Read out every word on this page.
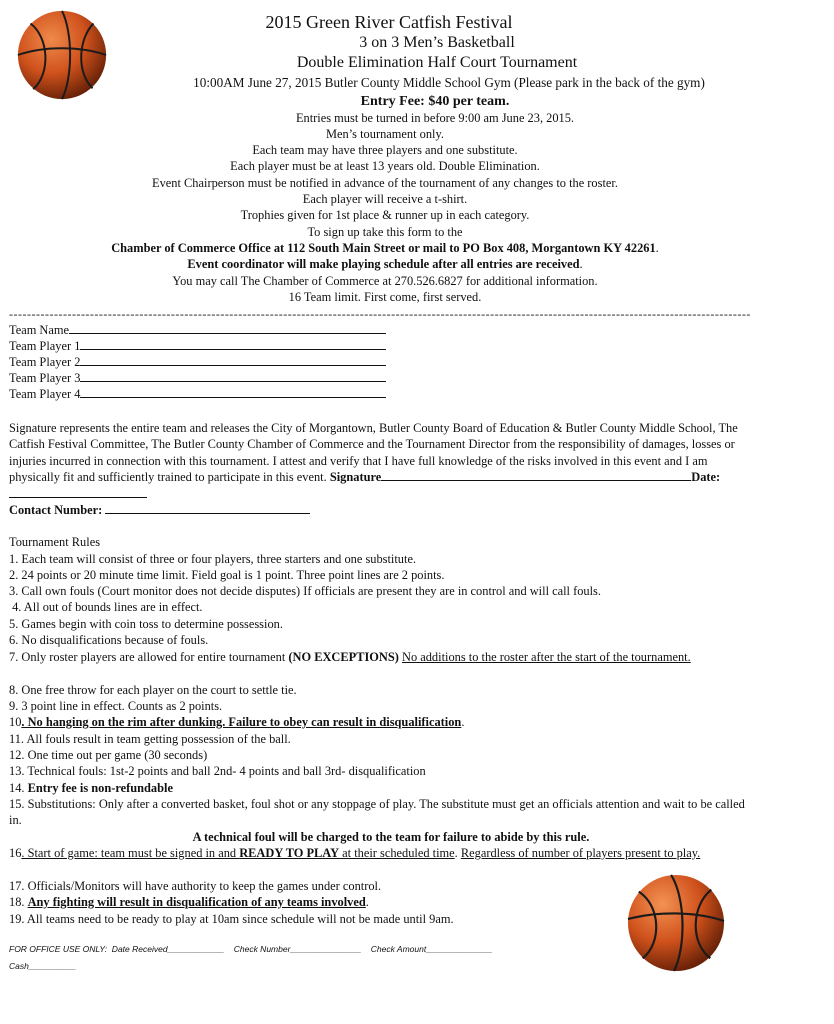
2015 Green River Catfish Festival
3 on 3 Men’s Basketball
Double Elimination Half Court Tournament
10:00AM June 27, 2015 Butler County Middle School Gym (Please park in the back of the gym)
Entry Fee: $40 per team.
Entries must be turned in before 9:00 am June 23, 2015.
Men’s tournament only.
Each team may have three players and one substitute.
Each player must be at least 13 years old. Double Elimination.
Event Chairperson must be notified in advance of the tournament of any changes to the roster.
Each player will receive a t-shirt.
Trophies given for 1st place & runner up in each category.
To sign up take this form to the
Chamber of Commerce Office at 112 South Main Street or mail to PO Box 408, Morgantown KY 42261.
Event coordinator will make playing schedule after all entries are received.
You may call The Chamber of Commerce at 270.526.6827 for additional information.
16 Team limit. First come, first served.
---------------------------------------------------------------------------------------------------------------------------------------------------------------------
Team Name
Team Player 1
Team Player 2
Team Player 3
Team Player 4
Signature represents the entire team and releases the City of Morgantown, Butler County Board of Education & Butler County Middle School, The Catfish Festival Committee, The Butler County Chamber of Commerce and the Tournament Director from the responsibility of damages, losses or injuries incurred in connection with this tournament. I attest and verify that I have full knowledge of the risks involved in this event and I am physically fit and sufficiently trained to participate in this event. Signature	Date:
Contact Number:
Tournament Rules
1. Each team will consist of three or four players, three starters and one substitute.
2. 24 points or 20 minute time limit. Field goal is 1 point. Three point lines are 2 points.
3. Call own fouls (Court monitor does not decide disputes) If officials are present they are in control and will call fouls.
4. All out of bounds lines are in effect.
5. Games begin with coin toss to determine possession.
6. No disqualifications because of fouls.
7. Only roster players are allowed for entire tournament (NO EXCEPTIONS) No additions to the roster after the start of the tournament.
8. One free throw for each player on the court to settle tie.
9. 3 point line in effect. Counts as 2 points.
10. No hanging on the rim after dunking. Failure to obey can result in disqualification.
11. All fouls result in team getting possession of the ball.
12. One time out per game (30 seconds)
13. Technical fouls: 1st-2 points and ball 2nd- 4 points and ball 3rd- disqualification
14. Entry fee is non-refundable
15. Substitutions: Only after a converted basket, foul shot or any stoppage of play. The substitute must get an officials attention and wait to be called in.
A technical foul will be charged to the team for failure to abide by this rule.
16. Start of game: team must be signed in and READY TO PLAY at their scheduled time. Regardless of number of players present to play.
17. Officials/Monitors will have authority to keep the games under control.
18. Any fighting will result in disqualification of any teams involved.
19. All teams need to be ready to play at 10am since schedule will not be made until 9am.
FOR OFFICE USE ONLY:  Date Received____________    Check Number_______________    Check Amount______________
Cash__________
